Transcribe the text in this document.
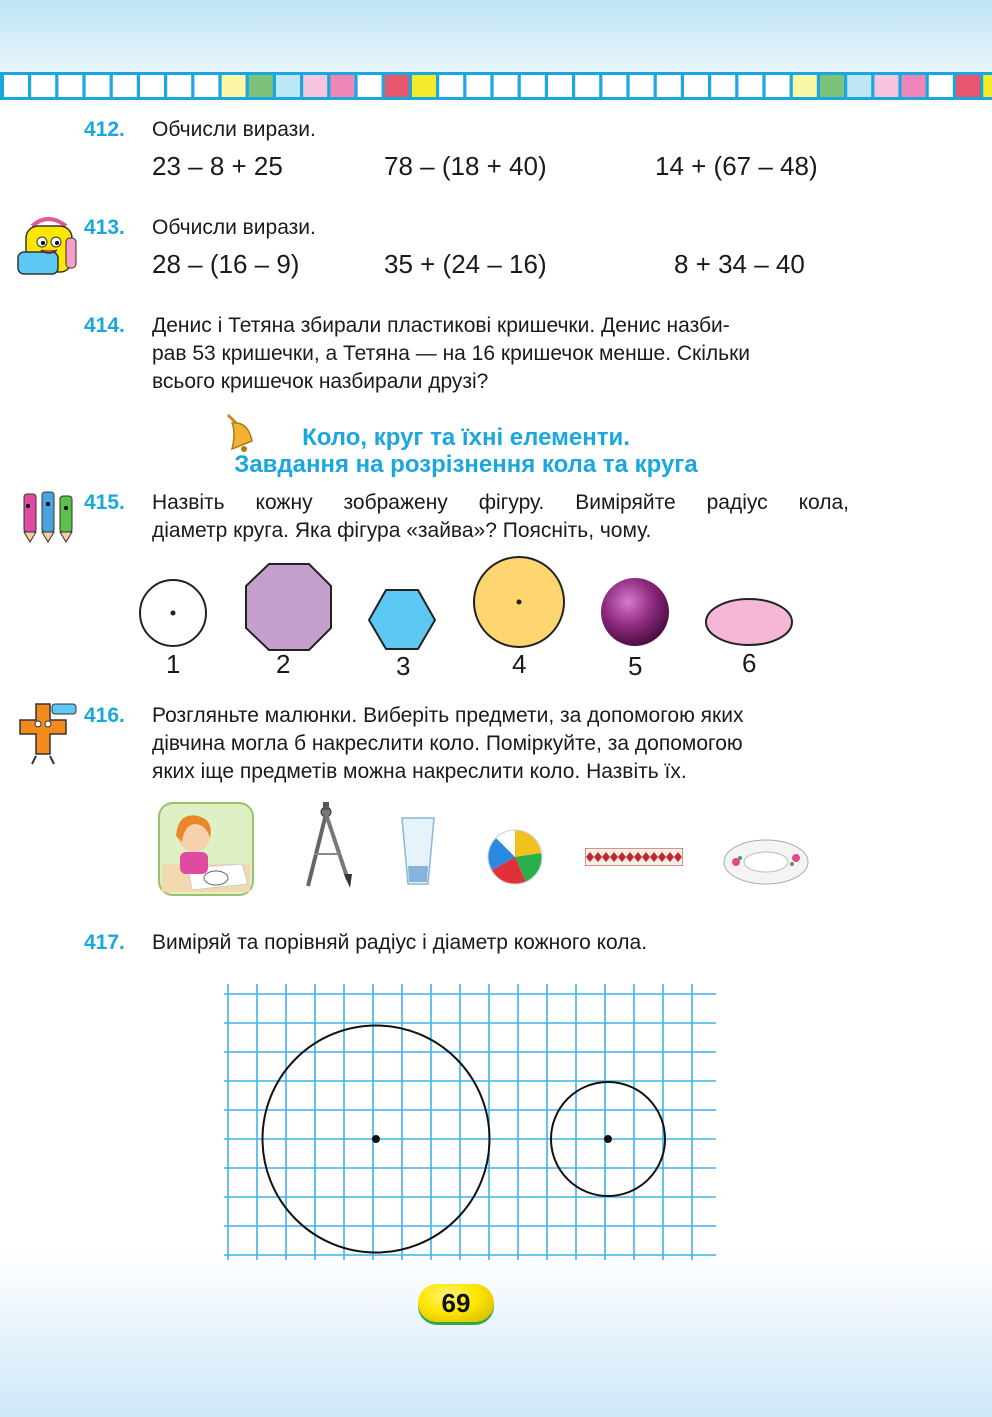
412. Обчисли вирази.
23 – 8 + 25	78 – (18 + 40)	14 + (67 – 48)
413. Обчисли вирази.
28 – (16 – 9)	35 + (24 – 16)	8 + 34 – 40
414. Денис і Тетяна збирали пластикові кришечки. Денис назби-
рав 53 кришечки, а Тетяна — на 16 кришечок менше. Скільки
всього кришечок назбирали друзі?
Коло, круг та їхні елементи.
Завдання на розрізнення кола та круга
415. Назвіть кожну зображену фігуру. Виміряйте радіус кола,
діаметр круга. Яка фігура «зайва»? Поясніть, чому.
1	2	3	4	5	6
416. Розгляньте малюнки. Виберіть предмети, за допомогою яких
дівчина могла б накреслити коло. Поміркуйте, за допомогою
яких іще предметів можна накреслити коло. Назвіть їх.
417. Виміряй та порівняй радіус і діаметр кожного кола.
69
